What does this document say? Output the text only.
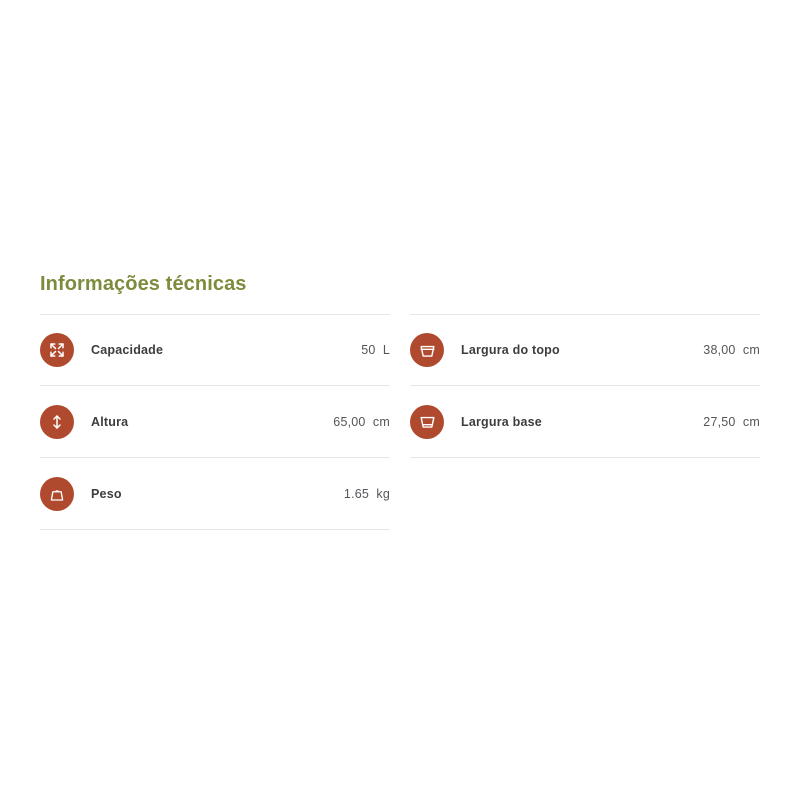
Informações técnicas
Capacidade	50  L
Altura	65,00  cm
Peso	1.65  kg
Largura do topo	38,00  cm
Largura base	27,50  cm
